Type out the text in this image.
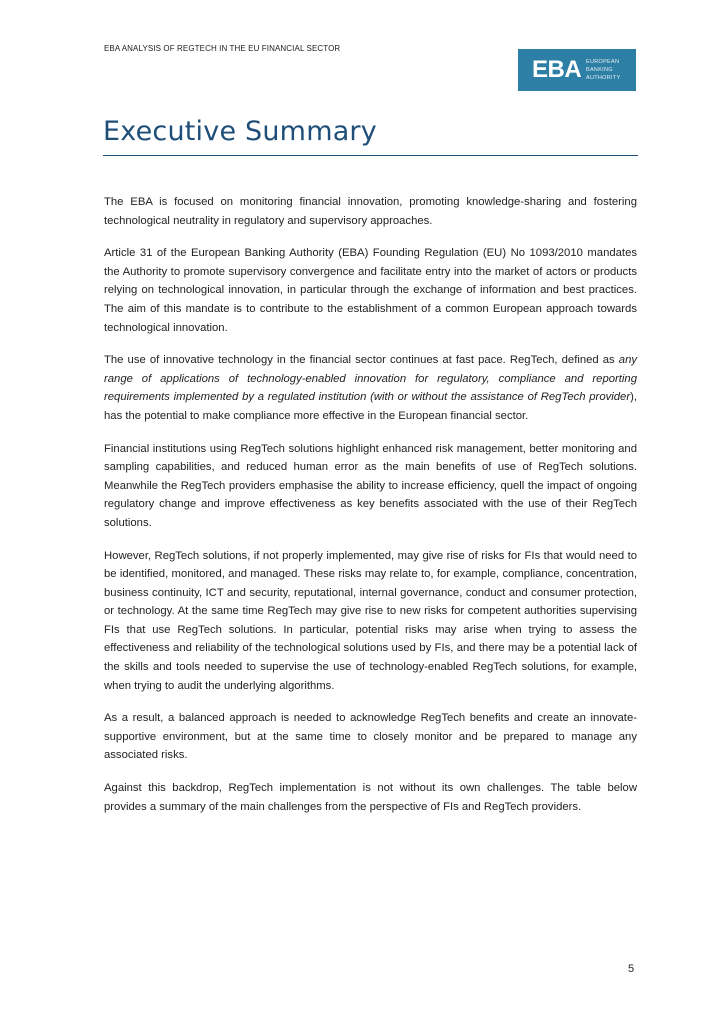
EBA ANALYSIS OF REGTECH IN THE EU FINANCIAL SECTOR
EBA EUROPEAN
BANKING
AUTHORITY
Executive Summary

The EBA is focused on monitoring financial innovation, promoting knowledge-sharing and fostering technological neutrality in regulatory and supervisory approaches.

Article 31 of the European Banking Authority (EBA) Founding Regulation (EU) No 1093/2010 mandates the Authority to promote supervisory convergence and facilitate entry into the market of actors or products relying on technological innovation, in particular through the exchange of information and best practices. The aim of this mandate is to contribute to the establishment of a common European approach towards technological innovation.

The use of innovative technology in the financial sector continues at fast pace. RegTech, defined as any range of applications of technology-enabled innovation for regulatory, compliance and reporting requirements implemented by a regulated institution (with or without the assistance of RegTech provider), has the potential to make compliance more effective in the European financial sector.

Financial institutions using RegTech solutions highlight enhanced risk management, better monitoring and sampling capabilities, and reduced human error as the main benefits of use of RegTech solutions. Meanwhile the RegTech providers emphasise the ability to increase efficiency, quell the impact of ongoing regulatory change and improve effectiveness as key benefits associated with the use of their RegTech solutions.

However, RegTech solutions, if not properly implemented, may give rise of risks for FIs that would need to be identified, monitored, and managed. These risks may relate to, for example, compliance, concentration, business continuity, ICT and security, reputational, internal governance, conduct and consumer protection, or technology. At the same time RegTech may give rise to new risks for competent authorities supervising FIs that use RegTech solutions. In particular, potential risks may arise when trying to assess the effectiveness and reliability of the technological solutions used by FIs, and there may be a potential lack of the skills and tools needed to supervise the use of technology-enabled RegTech solutions, for example, when trying to audit the underlying algorithms.

As a result, a balanced approach is needed to acknowledge RegTech benefits and create an innovate-supportive environment, but at the same time to closely monitor and be prepared to manage any associated risks.

Against this backdrop, RegTech implementation is not without its own challenges. The table below provides a summary of the main challenges from the perspective of FIs and RegTech providers.

5
